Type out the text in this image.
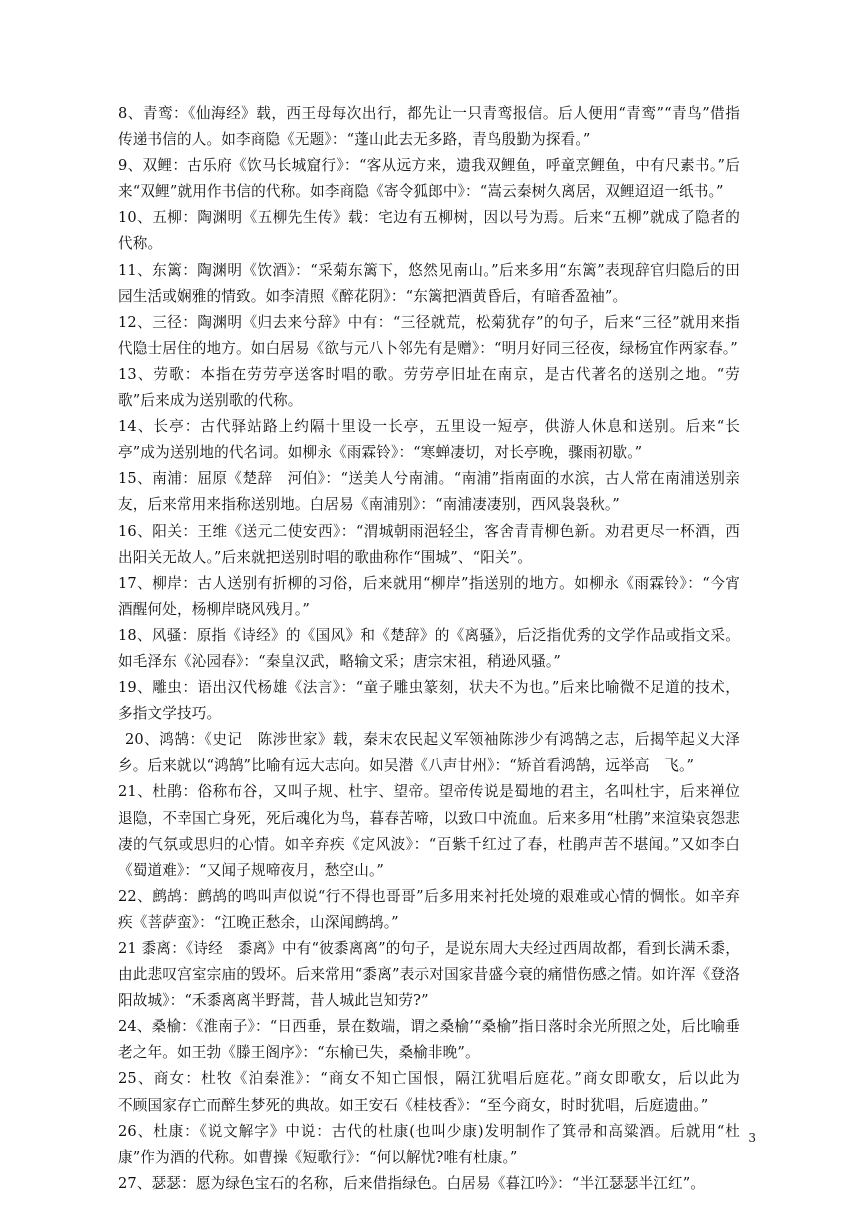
8、青鸾：《仙海经》载，西王母每次出行，都先让一只青鸾报信。后人便用“青鸾”“青鸟”借指传递书信的人。如李商隐《无题》：“蓬山此去无多路，青鸟殷勤为探看。”

9、双鲤：古乐府《饮马长城窟行》：“客从远方来，遗我双鲤鱼，呼童烹鲤鱼，中有尺素书。”后来“双鲤”就用作书信的代称。如李商隐《寄令狐郎中》：“嵩云秦树久离居，双鲤迢迢一纸书。”

10、五柳：陶渊明《五柳先生传》载：宅边有五柳树，因以号为焉。后来“五柳”就成了隐者的代称。

11、东篱：陶渊明《饮酒》：“采菊东篱下，悠然见南山。”后来多用“东篱”表现辞官归隐后的田园生活或娴雅的情致。如李清照《醉花阴》：“东篱把酒黄昏后，有暗香盈袖”。

12、三径：陶渊明《归去来兮辞》中有：“三径就荒，松菊犹存”的句子，后来“三径”就用来指代隐士居住的地方。如白居易《欲与元八卜邻先有是赠》：“明月好同三径夜，绿杨宜作两家春。”

13、劳歌：本指在劳劳亭送客时唱的歌。劳劳亭旧址在南京，是古代著名的送别之地。“劳歌”后来成为送别歌的代称。

14、长亭：古代驿站路上约隔十里设一长亭，五里设一短亭，供游人休息和送别。后来“长亭”成为送别地的代名词。如柳永《雨霖铃》：“寒蝉凄切，对长亭晚，骤雨初歇。”

15、南浦：屈原《楚辞　河伯》：“送美人兮南浦。“南浦”指南面的水滨，古人常在南浦送别亲友，后来常用来指称送别地。白居易《南浦别》：“南浦凄凄别，西风袅袅秋。”

16、阳关：王维《送元二使安西》：“渭城朝雨浥轻尘，客舍青青柳色新。劝君更尽一杯酒，西出阳关无故人。”后来就把送别时唱的歌曲称作“围城”、“阳关”。

17、柳岸：古人送别有折柳的习俗，后来就用“柳岸”指送别的地方。如柳永《雨霖铃》：“今宵酒醒何处，杨柳岸晓风残月。”

18、风骚：原指《诗经》的《国风》和《楚辞》的《离骚》，后泛指优秀的文学作品或指文采。如毛泽东《沁园春》：“秦皇汉武，略输文采；唐宗宋祖，稍逊风骚。”

19、雕虫：语出汉代杨雄《法言》：“童子雕虫篆刻，状夫不为也。”后来比喻微不足道的技术，多指文学技巧。

20、鸿鹄：《史记　陈涉世家》载，秦末农民起义军领袖陈涉少有鸿鹄之志，后揭竿起义大泽乡。后来就以“鸿鹄”比喻有远大志向。如吴潜《八声甘州》：“矫首看鸿鹄，远举高　飞。”

21、杜鹃：俗称布谷，又叫子规、杜宇、望帝。望帝传说是蜀地的君主，名叫杜宇，后来禅位退隐，不幸国亡身死，死后魂化为鸟，暮春苦啼，以致口中流血。后来多用“杜鹃”来渲染哀怨悲凄的气氛或思归的心情。如辛弃疾《定风波》：“百紫千红过了春，杜鹃声苦不堪闻。”又如李白《蜀道难》：“又闻子规啼夜月，愁空山。”

22、鹧鸪：鹧鸪的鸣叫声似说“行不得也哥哥”后多用来衬托处境的艰难或心情的惆怅。如辛弃疾《菩萨蛮》：“江晚正愁余，山深闻鹧鸪。”

21 黍离：《诗经　黍离》中有“彼黍离离”的句子，是说东周大夫经过西周故都，看到长满禾黍，由此悲叹宫室宗庙的毁坏。后来常用“黍离”表示对国家昔盛今衰的痛惜伤感之情。如许浑《登洛阳故城》：“禾黍离离半野蒿，昔人城此岂知劳?”

24、桑榆：《淮南子》：“日西垂，景在数端，谓之桑榆’“桑榆”指日落时余光所照之处，后比喻垂老之年。如王勃《滕王阁序》：“东榆已失，桑榆非晚”。

25、商女：杜牧《泊秦淮》：“商女不知亡国恨，隔江犹唱后庭花。”商女即歌女，后以此为　　不顾国家存亡而醉生梦死的典故。如王安石《桂枝香》：“至今商女，时时犹唱，后庭遗曲。”

26、杜康：《说文解字》中说：古代的杜康(也叫少康)发明制作了箕帚和高粱酒。后就用“杜康”作为酒的代称。如曹操《短歌行》：“何以解忧?唯有杜康。”

27、瑟瑟：愿为绿色宝石的名称，后来借指绿色。白居易《暮江吟》：“半江瑟瑟半江红”。

3
